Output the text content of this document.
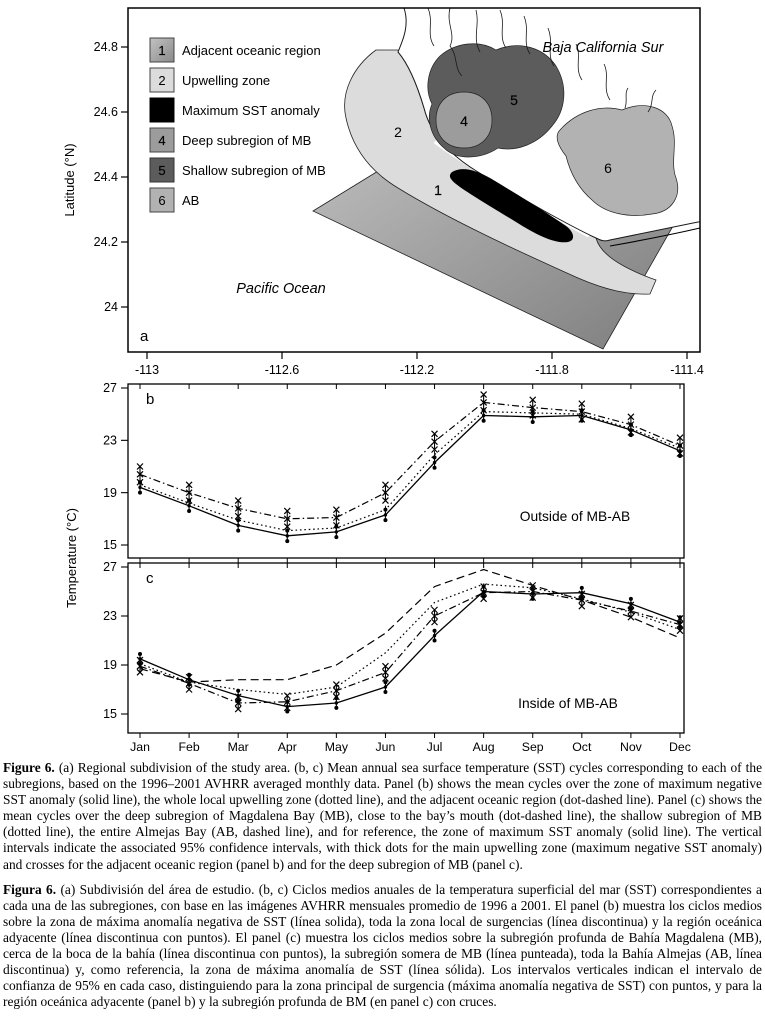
24.8
24.6
24.4
24.2
24
Latitude (°N)
-113	-112.6	-112.2	-111.8	-111.4
1 Adjacent oceanic region
2 Upwelling zone
3 Maximum SST anomaly
4 Deep subregion of MB
5 Shallow subregion of MB
6 AB
Baja California Sur
Pacific Ocean
1
2
3
4
5
6
a
15
19
23
27
b
Outside of MB-AB
15
19
23
27
Jan Feb Mar Apr May Jun	Jul Aug Sep Oct Nov Dec
c
Inside of MB-AB
Temperature (°C)

Figure 6. (a) Regional subdivision of the study area. (b, c) Mean annual sea surface temperature (SST) cycles corresponding to each of the subregions, based on the 1996–2001 AVHRR averaged monthly data. Panel (b) shows the mean cycles over the zone of maximum negative SST anomaly (solid line), the whole local upwelling zone (dotted line), and the adjacent oceanic region (dot-dashed line). Panel (c) shows the mean cycles over the deep subregion of Magdalena Bay (MB), close to the bay’s mouth (dot-dashed line), the shallow subregion of MB (dotted line), the entire Almejas Bay (AB, dashed line), and for reference, the zone of maximum SST anomaly (solid line). The vertical intervals indicate the associated 95% confidence intervals, with thick dots for the main upwelling zone (maximum negative SST anomaly) and crosses for the adjacent oceanic region (panel b) and for the deep subregion of MB (panel c).

Figura 6. (a) Subdivisión del área de estudio. (b, c) Ciclos medios anuales de la temperatura superficial del mar (SST) correspondientes a cada una de las subregiones, con base en las imágenes AVHRR mensuales promedio de 1996 a 2001. El panel (b) muestra los ciclos medios sobre la zona de máxima anomalía negativa de SST (línea solida), toda la zona local de surgencias (línea discontinua) y la región oceánica adyacente (línea discontinua con puntos). El panel (c) muestra los ciclos medios sobre la subregión profunda de Bahía Magdalena (MB), cerca de la boca de la bahía (línea discontinua con puntos), la subregión somera de MB (línea punteada), toda la Bahía Almejas (AB, línea discontinua) y, como referencia, la zona de máxima anomalía de SST (línea sólida). Los intervalos verticales indican el intervalo de confianza de 95% en cada caso, distinguiendo para la zona principal de surgencia (máxima anomalía negativa de SST) con puntos, y para la región oceánica adyacente (panel b) y la subregión profunda de BM (en panel c) con cruces.
